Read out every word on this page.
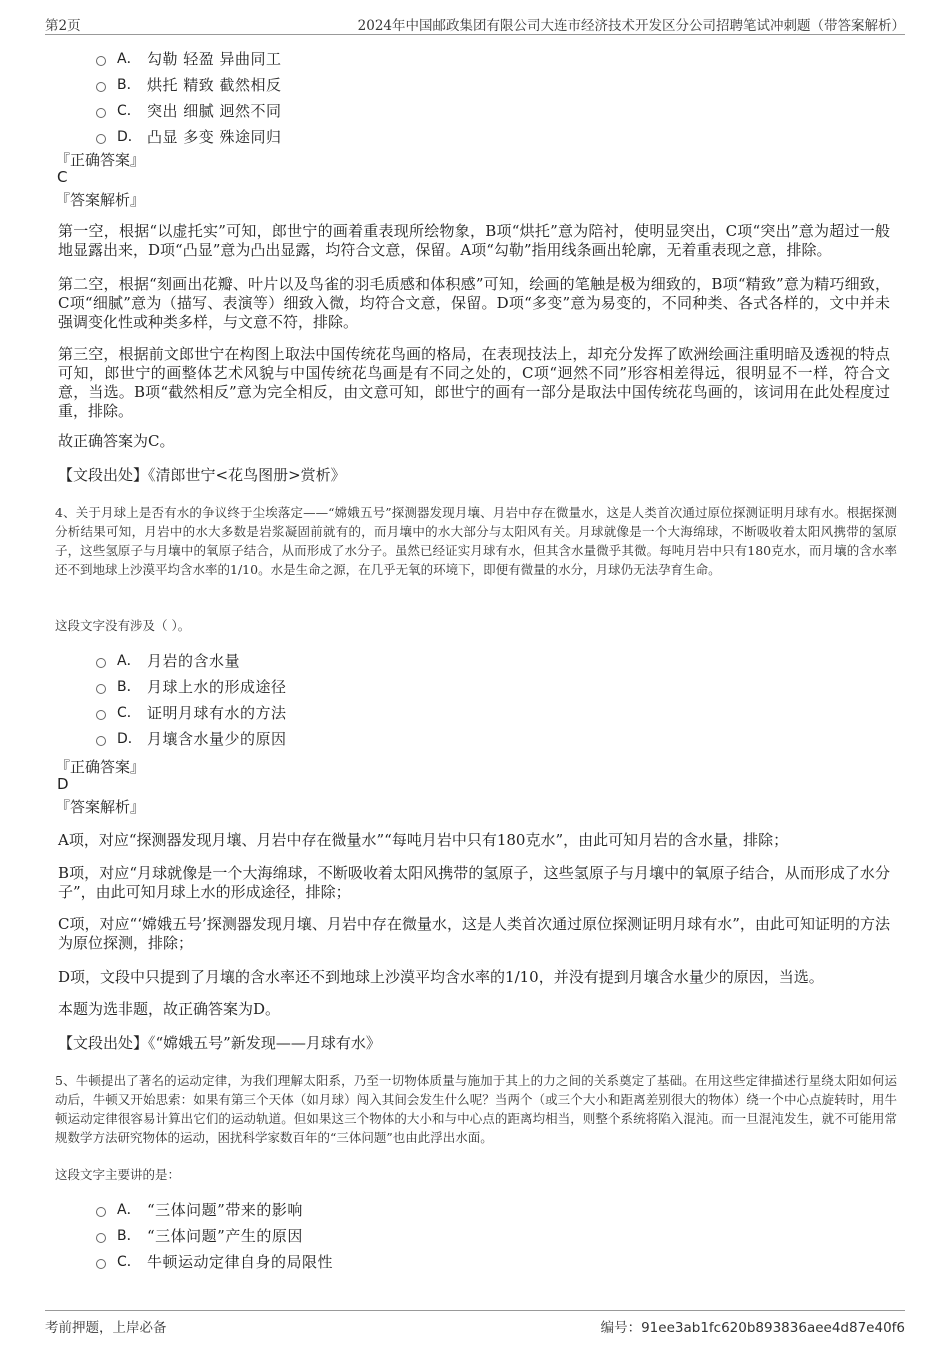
第2页	2024年中国邮政集团有限公司大连市经济技术开发区分公司招聘笔试冲刺题（带答案解析）
A． 勾勒 轻盈 异曲同工
B． 烘托 精致 截然相反
C． 突出 细腻 迥然不同
D． 凸显 多变 殊途同归
『正确答案』
C
『答案解析』

第一空，根据“以虚托实”可知，郎世宁的画着重表现所绘物象，B项“烘托”意为陪衬，使明显突出，C项“突出”意为超过一般地显露出来，D项“凸显”意为凸出显露，均符合文意，保留。A项“勾勒”指用线条画出轮廓，无着重表现之意，排除。

第二空，根据“刻画出花瓣、叶片以及鸟雀的羽毛质感和体积感”可知，绘画的笔触是极为细致的，B项“精致”意为精巧细致，C项“细腻”意为（描写、表演等）细致入微，均符合文意，保留。D项“多变”意为易变的，不同种类、各式各样的，文中并未强调变化性或种类多样，与文意不符，排除。

第三空，根据前文郎世宁在构图上取法中国传统花鸟画的格局，在表现技法上，却充分发挥了欧洲绘画注重明暗及透视的特点可知，郎世宁的画整体艺术风貌与中国传统花鸟画是有不同之处的，C项“迥然不同”形容相差得远，很明显不一样，符合文意，当选。B项“截然相反”意为完全相反，由文意可知，郎世宁的画有一部分是取法中国传统花鸟画的，该词用在此处程度过重，排除。

故正确答案为C。

【文段出处】《清郎世宁<花鸟图册>赏析》

4、关于月球上是否有水的争议终于尘埃落定——“嫦娥五号”探测器发现月壤、月岩中存在微量水，这是人类首次通过原位探测证明月球有水。根据探测分析结果可知，月岩中的水大多数是岩浆凝固前就有的，而月壤中的水大部分与太阳风有关。月球就像是一个大海绵球，不断吸收着太阳风携带的氢原子，这些氢原子与月壤中的氧原子结合，从而形成了水分子。虽然已经证实月球有水，但其含水量微乎其微。每吨月岩中只有180克水，而月壤的含水率还不到地球上沙漠平均含水率的1/10。水是生命之源，在几乎无氧的环境下，即便有微量的水分，月球仍无法孕育生命。

这段文字没有涉及（ ）。
A． 月岩的含水量
B． 月球上水的形成途径
C． 证明月球有水的方法
D． 月壤含水量少的原因
『正确答案』
D
『答案解析』

A项，对应“探测器发现月壤、月岩中存在微量水”“每吨月岩中只有180克水”，由此可知月岩的含水量，排除；

B项，对应“月球就像是一个大海绵球，不断吸收着太阳风携带的氢原子，这些氢原子与月壤中的氧原子结合，从而形成了水分子”，由此可知月球上水的形成途径，排除；

C项，对应“‘嫦娥五号’探测器发现月壤、月岩中存在微量水，这是人类首次通过原位探测证明月球有水”，由此可知证明的方法为原位探测，排除；

D项，文段中只提到了月壤的含水率还不到地球上沙漠平均含水率的1/10，并没有提到月壤含水量少的原因，当选。

本题为选非题，故正确答案为D。

【文段出处】《“嫦娥五号”新发现——月球有水》

5、牛顿提出了著名的运动定律，为我们理解太阳系，乃至一切物体质量与施加于其上的力之间的关系奠定了基础。在用这些定律描述行星绕太阳如何运动后，牛顿又开始思索：如果有第三个天体（如月球）闯入其间会发生什么呢？当两个（或三个大小和距离差别很大的物体）绕一个中心点旋转时，用牛顿运动定律很容易计算出它们的运动轨道。但如果这三个物体的大小和与中心点的距离均相当，则整个系统将陷入混沌。而一旦混沌发生，就不可能用常规数学方法研究物体的运动，困扰科学家数百年的“三体问题”也由此浮出水面。

这段文字主要讲的是：
A． “三体问题”带来的影响
B． “三体问题”产生的原因
C． 牛顿运动定律自身的局限性
考前押题，上岸必备	编号：91ee3ab1fc620b893836aee4d87e40f6
